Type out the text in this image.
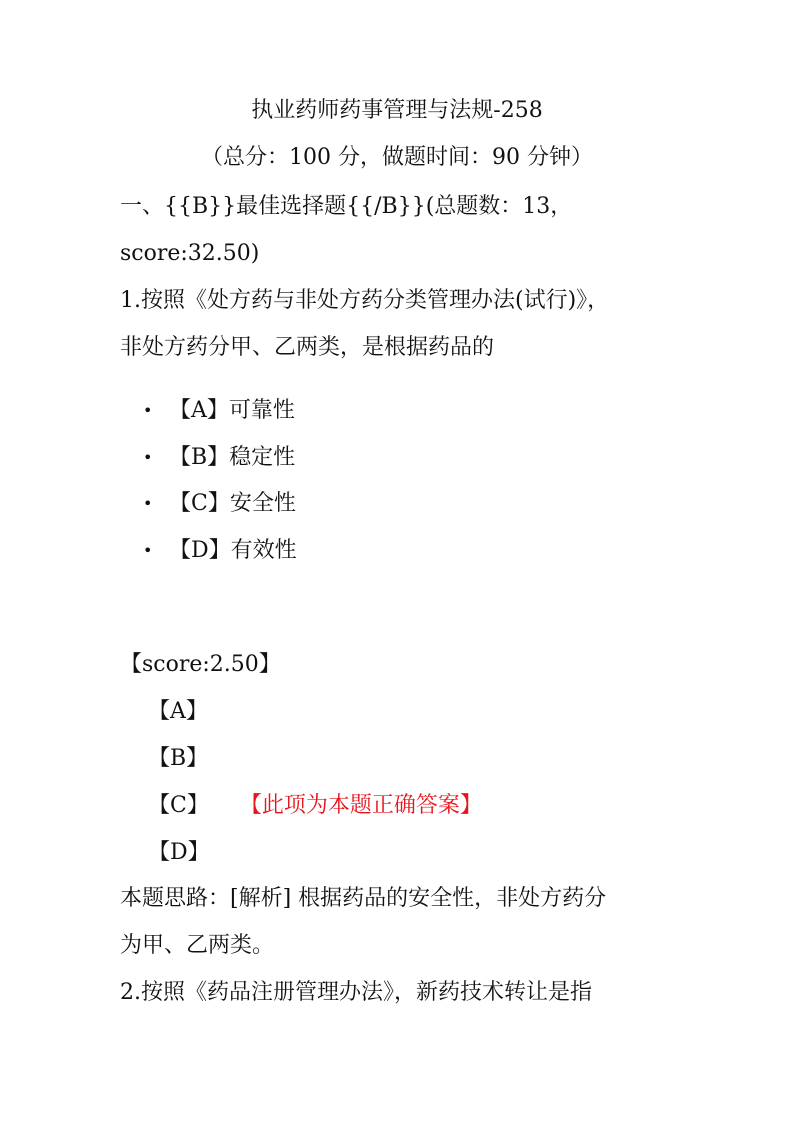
执业药师药事管理与法规-258
（总分：100 分，做题时间：90 分钟）
一、{{B}}最佳选择题{{/B}}(总题数：13，
score:32.50)
1.按照《处方药与非处方药分类管理办法(试行)》，
非处方药分甲、乙两类，是根据药品的
• 【A】可靠性
• 【B】稳定性
• 【C】安全性
• 【D】有效性
【score:2.50】
【A】
【B】
【C】 【此项为本题正确答案】
【D】
本题思路：[解析] 根据药品的安全性，非处方药分
为甲、乙两类。
2.按照《药品注册管理办法》，新药技术转让是指
